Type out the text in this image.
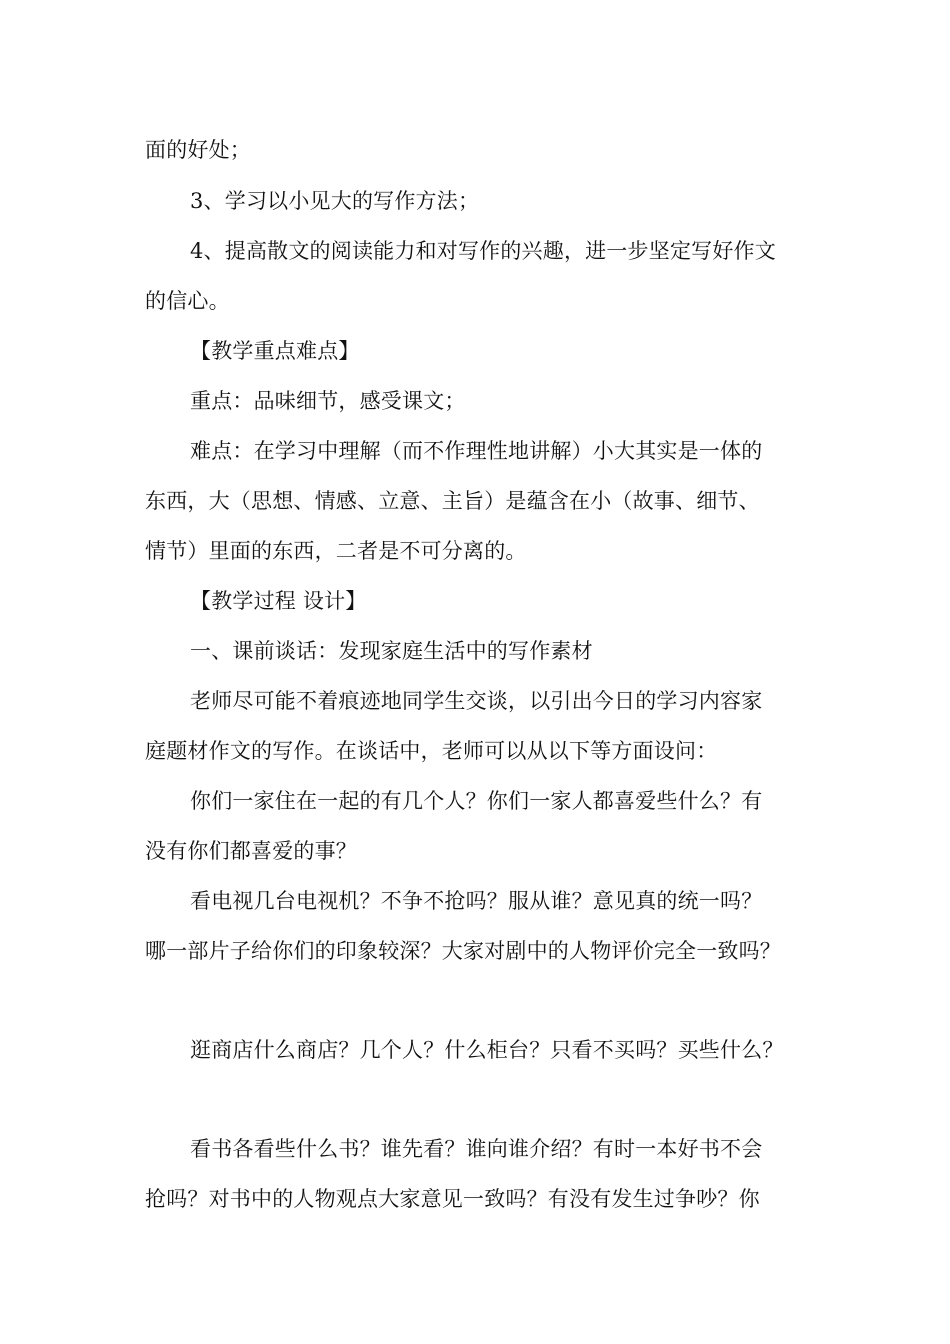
面的好处；
3、学习以小见大的写作方法；
4、提高散文的阅读能力和对写作的兴趣，进一步坚定写好作文
的信心。
【教学重点难点】
重点：品味细节，感受课文；
难点：在学习中理解（而不作理性地讲解）小大其实是一体的
东西，大（思想、情感、立意、主旨）是蕴含在小（故事、细节、
情节）里面的东西，二者是不可分离的。
【教学过程 设计】
一、课前谈话：发现家庭生活中的写作素材
老师尽可能不着痕迹地同学生交谈，以引出今日的学习内容家
庭题材作文的写作。在谈话中，老师可以从以下等方面设问：
你们一家住在一起的有几个人？你们一家人都喜爱些什么？有
没有你们都喜爱的事？
看电视几台电视机？不争不抢吗？服从谁？意见真的统一吗？
哪一部片子给你们的印象较深？大家对剧中的人物评价完全一致吗？
逛商店什么商店？几个人？什么柜台？只看不买吗？买些什么？
看书各看些什么书？谁先看？谁向谁介绍？有时一本好书不会
抢吗？对书中的人物观点大家意见一致吗？有没有发生过争吵？你
